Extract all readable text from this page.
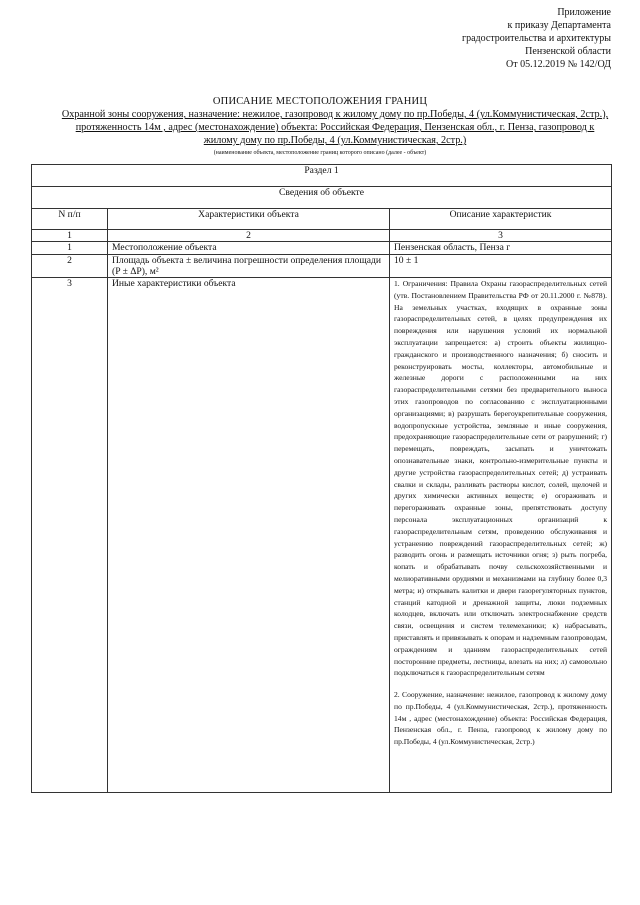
Приложение
к приказу Департамента
градостроительства и архитектуры
Пензенской области
От 05.12.2019 № 142/ОД
ОПИСАНИЕ МЕСТОПОЛОЖЕНИЯ ГРАНИЦ
Охранной зоны сооружения, назначение: нежилое, газопровод к жилому дому по пр.Победы, 4 (ул.Коммунистическая, 2стр.), протяженность 14м , адрес (местонахождение) объекта: Российская Федерация, Пензенская обл., г. Пенза, газопровод к жилому дому по пр.Победы, 4 (ул.Коммунистическая, 2стр.)
(наименование объекта, местоположение границ которого описано (далее - объект)
Раздел 1		
Сведения об объекте		
N п/п	Характеристики объекта	Описание характеристик
1	2	3
1	Местоположение объекта	Пензенская область, Пенза г
2	Площадь объекта ± величина погрешности определения площади (P ± ΔP), м²	10 ± 1
3	Иные характеристики объекта	1. Ограничения: Правила Охраны газораспределительных сетей (утв. Постановлением Правительства РФ от 20.11.2000 г. №878). На земельных участках, входящих в охранные зоны газораспределительных сетей, в целях предупреждения их повреждения или нарушения условий их нормальной эксплуатации запрещается: а) строить объекты жилищно-гражданского и производственного назначения; б) сносить и реконструировать мосты, коллекторы, автомобильные и железные дороги с расположенными на них газораспределительными сетями без предварительного выноса этих газопроводов по согласованию с эксплуатационными организациями; в) разрушать берегоукрепительные сооружения, водопропускные устройства, земляные и иные сооружения, предохраняющие газораспределительные сети от разрушений; г) перемещать, повреждать, засыпать и уничтожать опознавательные знаки, контрольно-измерительные пункты и другие устройства газораспределительных сетей; д) устраивать свалки и склады, разливать растворы кислот, солей, щелочей и других химически активных веществ; е) огораживать и перегораживать охранные зоны, препятствовать доступу персонала эксплуатационных организаций к газораспределительным сетям, проведению обслуживания и устранению повреждений газораспределительных сетей; ж) разводить огонь и размещать источники огня; з) рыть погреба, копать и обрабатывать почву сельскохозяйственными и мелиоративными орудиями и механизмами на глубину более 0,3 метра; и) открывать калитки и двери газорегуляторных пунктов, станций катодной и дренажной защиты, люки подземных колодцев, включать или отключать электроснабжение средств связи, освещения и систем телемеханики; к) набрасывать, приставлять и привязывать к опорам и надземным газопроводам, ограждениям и зданиям газораспределительных сетей посторонние предметы, лестницы, влезать на них; л) самовольно подключаться к газораспределительным сетям

2. Сооружение, назначение: нежилое, газопровод к жилому дому по пр.Победы, 4 (ул.Коммунистическая, 2стр.), протяженность 14м , адрес (местонахождение) объекта: Российская Федерация, Пензенская обл., г. Пенза, газопровод к жилому дому по пр.Победы, 4 (ул.Коммунистическая, 2стр.)
